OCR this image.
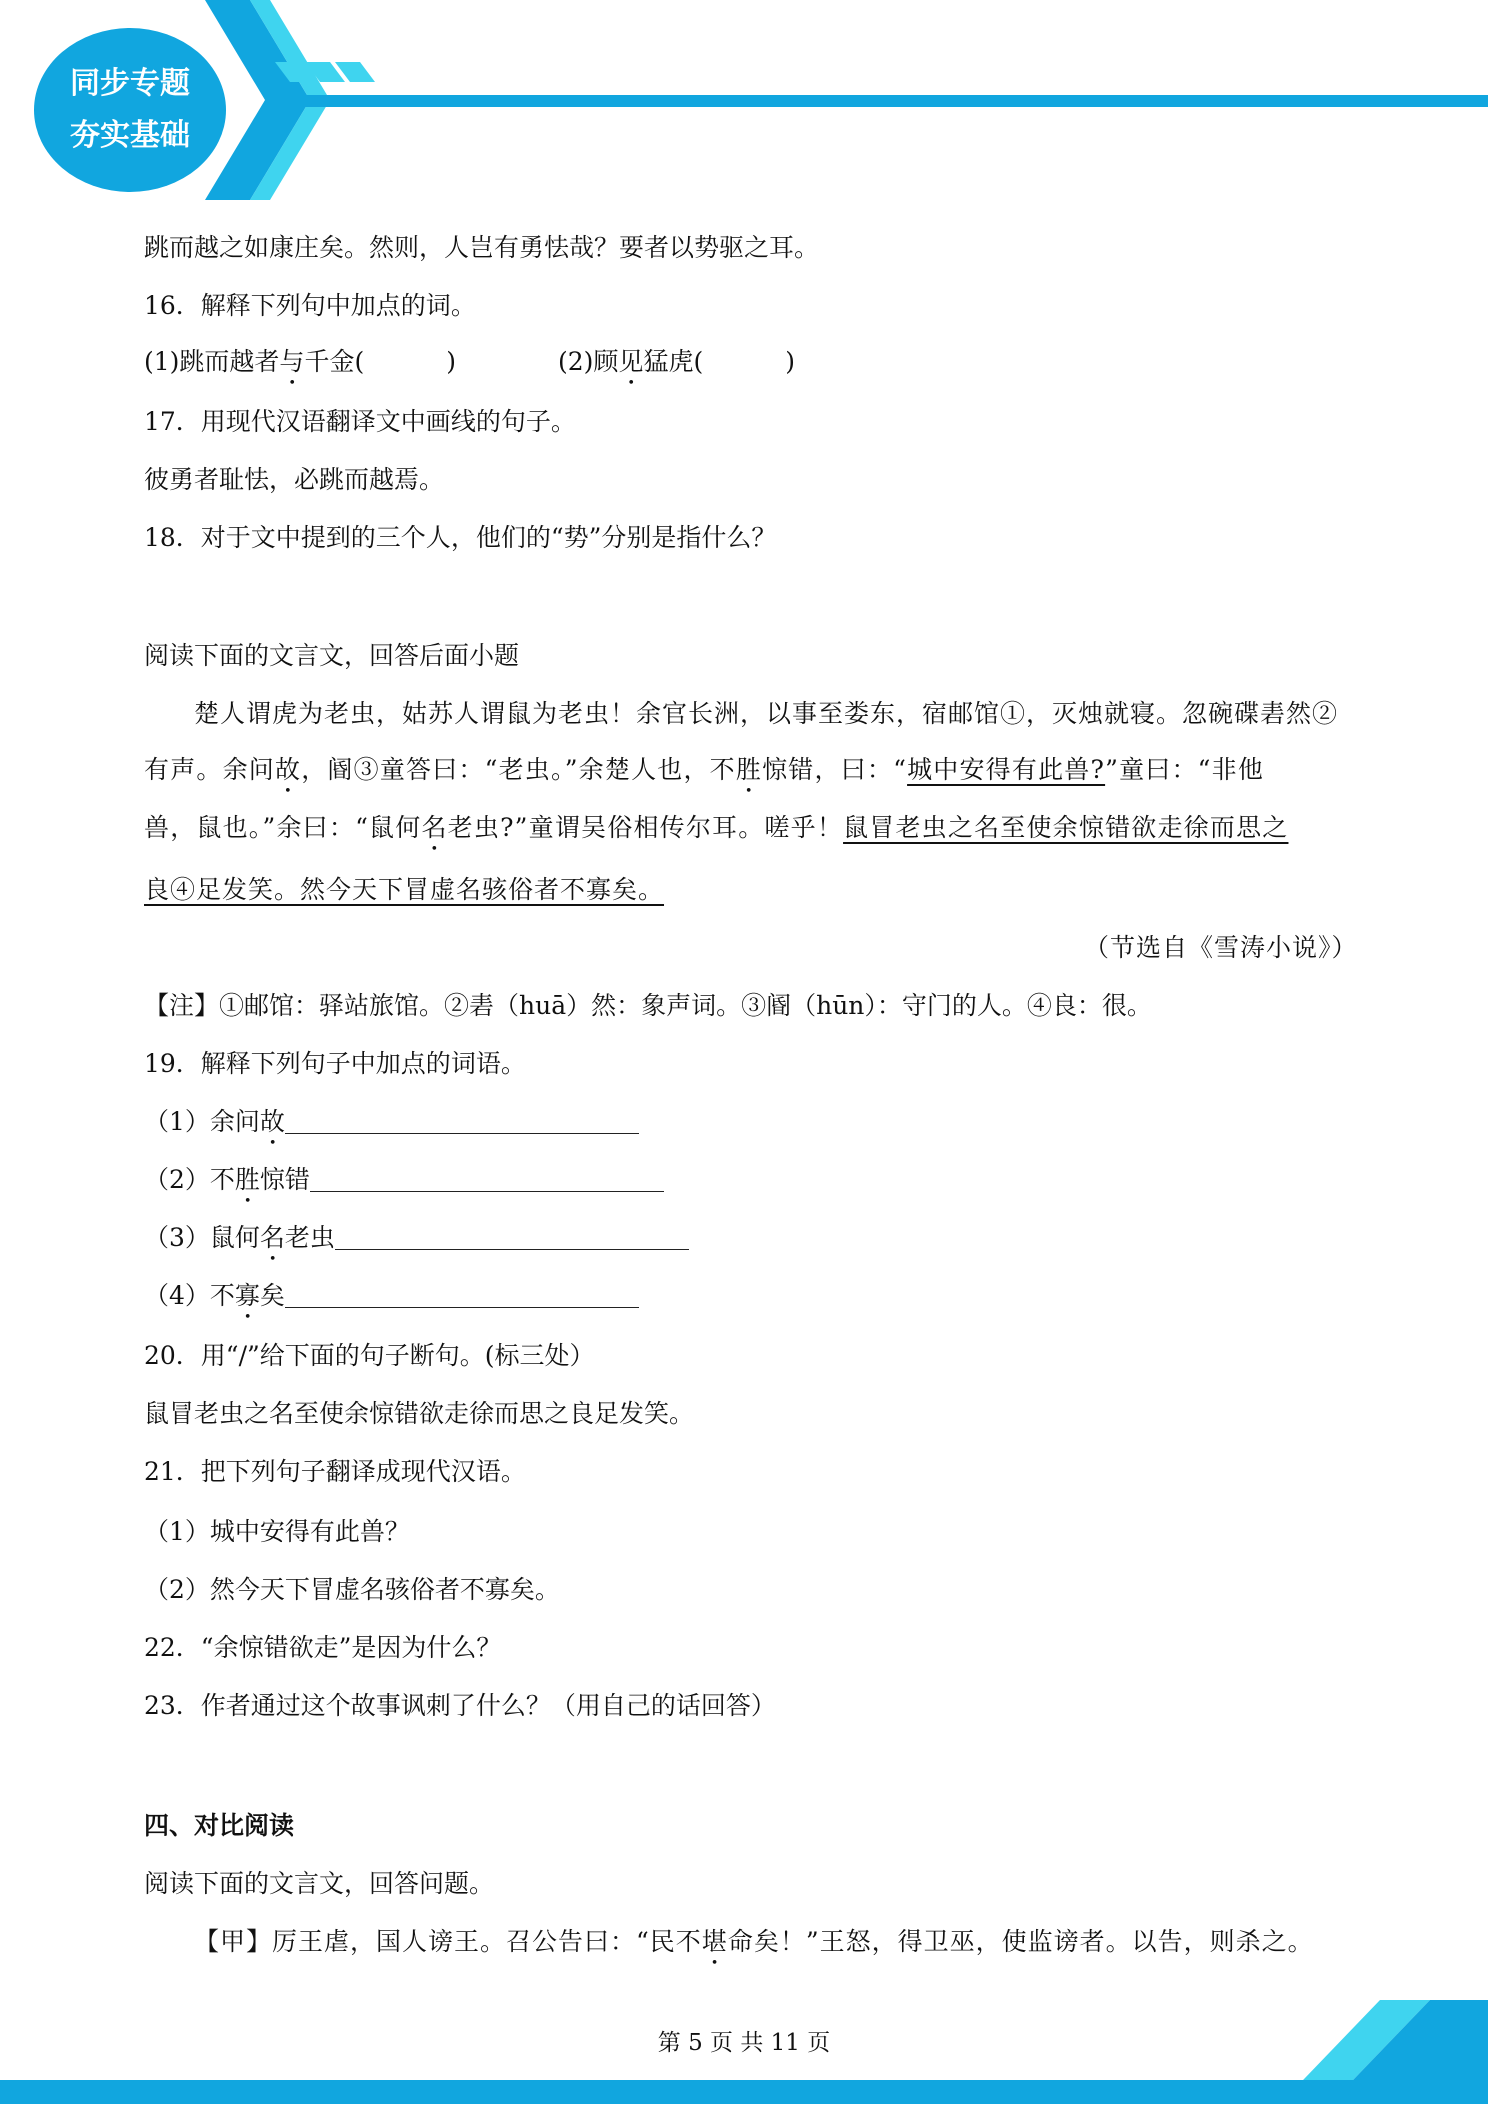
同步专题
夯实基础
跳而越之如康庄矣。然则，人岂有勇怯哉？要者以势驱之耳。
16．解释下列句中加点的词。
(1)跳而越者与千金(	)	(2)顾见猛虎(	)
17．用现代汉语翻译文中画线的句子。
彼勇者耻怯，必跳而越焉。
18．对于文中提到的三个人，他们的“势”分别是指什么？
阅读下面的文言文，回答后面小题
楚人谓虎为老虫，姑苏人谓鼠为老虫！余官长洲，以事至娄东，宿邮馆①，灭烛就寝。忽碗碟砉然②
有声。余问故，阍③童答曰：“老虫。”余楚人也，不胜惊错，曰：“城中安得有此兽?”童曰：“非他
兽，鼠也。”余曰：“鼠何名老虫?”童谓吴俗相传尔耳。嗟乎！鼠冒老虫之名至使余惊错欲走徐而思之
良④足发笑。然今天下冒虚名骇俗者不寡矣。
（节选自《雪涛小说》）
【注】①邮馆：驿站旅馆。②砉（huā）然：象声词。③阍（hūn）：守门的人。④良：很。
19．解释下列句子中加点的词语。
（1）余问故
（2）不胜惊错
（3）鼠何名老虫
（4）不寡矣
20．用“/”给下面的句子断句。(标三处）
鼠冒老虫之名至使余惊错欲走徐而思之良足发笑。
21．把下列句子翻译成现代汉语。
（1）城中安得有此兽？
（2）然今天下冒虚名骇俗者不寡矣。
22．“余惊错欲走”是因为什么？
23．作者通过这个故事讽刺了什么？（用自己的话回答）
四、对比阅读
阅读下面的文言文，回答问题。
【甲】厉王虐，国人谤王。召公告曰：“民不堪命矣！”王怒，得卫巫，使监谤者。以告，则杀之。
第 5 页 共 11 页
